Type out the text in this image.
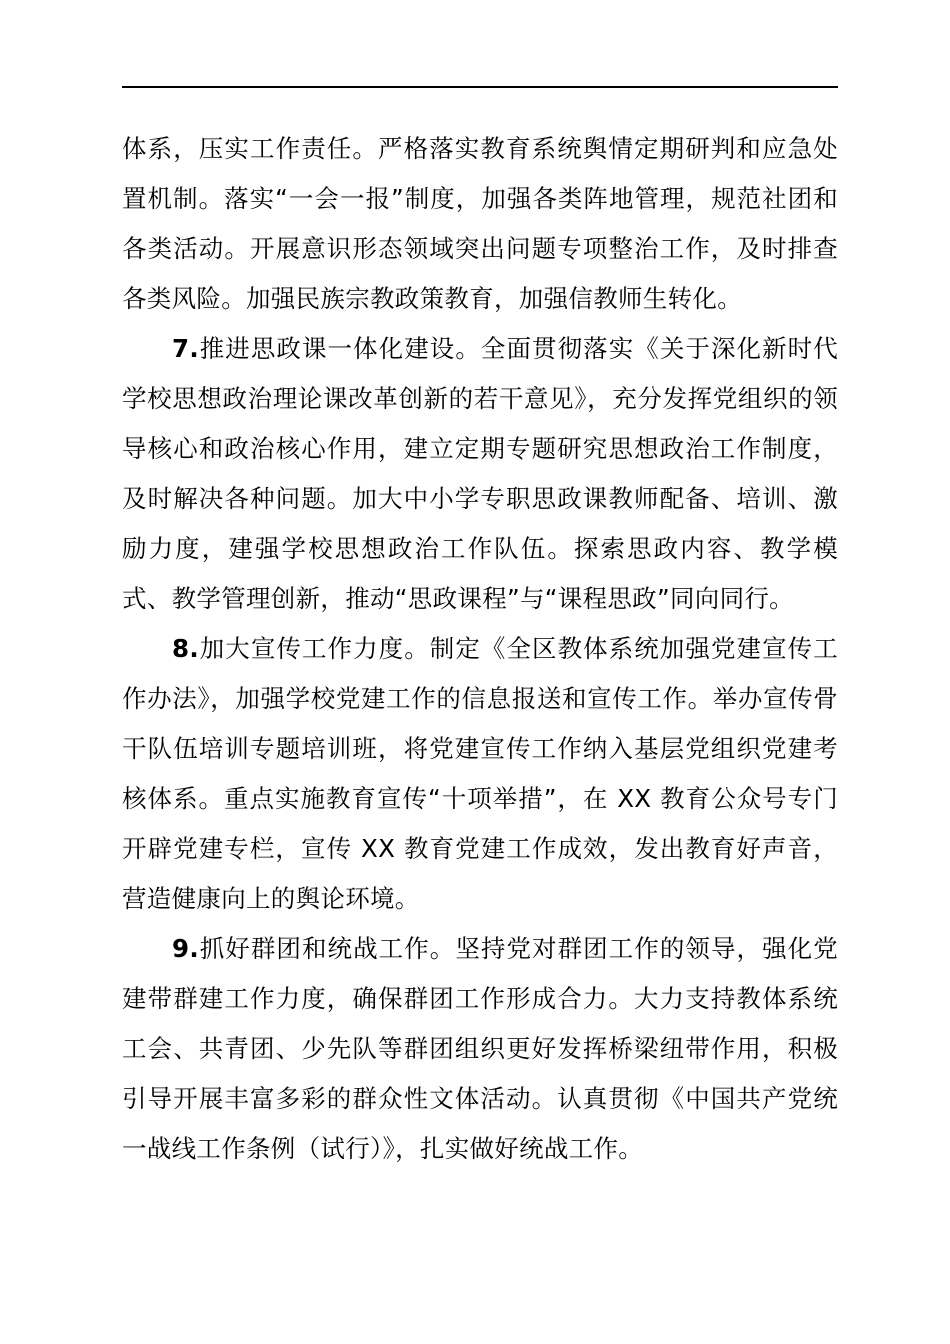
体系，压实工作责任。严格落实教育系统舆情定期研判和应急处置机制。落实“一会一报”制度，加强各类阵地管理，规范社团和各类活动。开展意识形态领域突出问题专项整治工作，及时排查各类风险。加强民族宗教政策教育，加强信教师生转化。

7.推进思政课一体化建设。全面贯彻落实《关于深化新时代学校思想政治理论课改革创新的若干意见》，充分发挥党组织的领导核心和政治核心作用，建立定期专题研究思想政治工作制度，及时解决各种问题。加大中小学专职思政课教师配备、培训、激励力度，建强学校思想政治工作队伍。探索思政内容、教学模式、教学管理创新，推动“思政课程”与“课程思政”同向同行。

8.加大宣传工作力度。制定《全区教体系统加强党建宣传工作办法》，加强学校党建工作的信息报送和宣传工作。举办宣传骨干队伍培训专题培训班，将党建宣传工作纳入基层党组织党建考核体系。重点实施教育宣传“十项举措”，在 XX 教育公众号专门开辟党建专栏，宣传 XX 教育党建工作成效，发出教育好声音，营造健康向上的舆论环境。

9.抓好群团和统战工作。坚持党对群团工作的领导，强化党建带群建工作力度，确保群团工作形成合力。大力支持教体系统工会、共青团、少先队等群团组织更好发挥桥梁纽带作用，积极引导开展丰富多彩的群众性文体活动。认真贯彻《中国共产党统一战线工作条例（试行）》，扎实做好统战工作。
